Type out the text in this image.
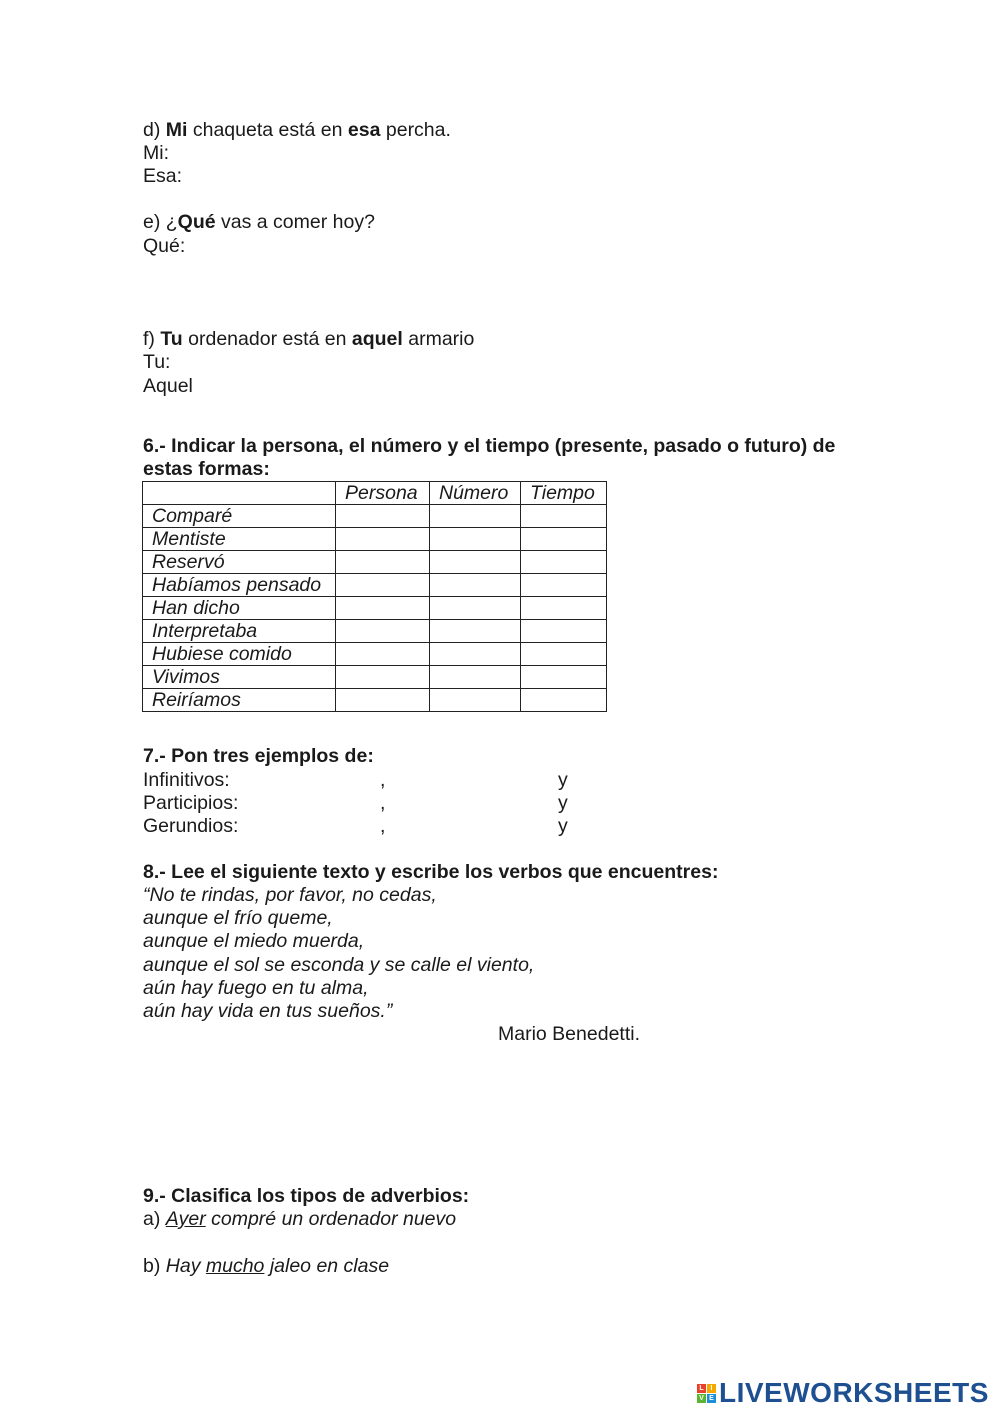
d) Mi chaqueta está en esa percha.
Mi:
Esa:
e) ¿Qué vas a comer hoy?
Qué:
f) Tu ordenador está en aquel armario
Tu:
Aquel
6.- Indicar la persona, el número y el tiempo (presente, pasado o futuro) de
estas formas:
	Persona	Número	Tiempo
Comparé			
Mentiste			
Reservó			
Habíamos pensado			
Han dicho			
Interpretaba			
Hubiese comido			
Vivimos			
Reiríamos			
7.- Pon tres ejemplos de:
Infinitivos:	,	y
Participios:	,	y
Gerundios:	,	y
8.- Lee el siguiente texto y escribe los verbos que encuentres:
“No te rindas, por favor, no cedas,
aunque el frío queme,
aunque el miedo muerda,
aunque el sol se esconda y se calle el viento,
aún hay fuego en tu alma,
aún hay vida en tus sueños.”
Mario Benedetti.
9.- Clasifica los tipos de adverbios:
a) Ayer compré un ordenador nuevo
b) Hay mucho jaleo en clase
L I
V E LIVEWORKSHEETS
